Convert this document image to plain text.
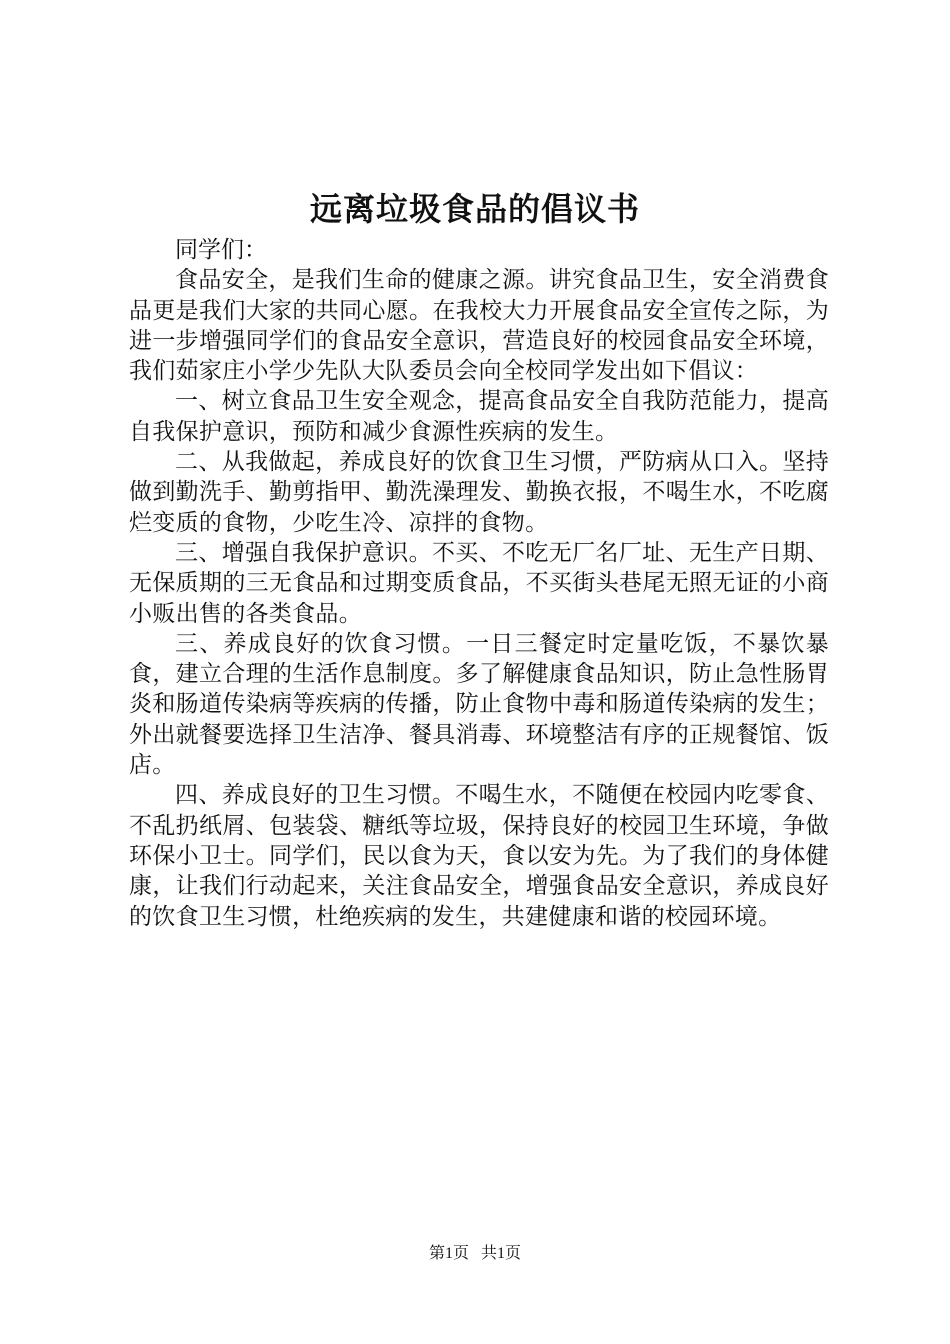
远离垃圾食品的倡议书

同学们：

食品安全，是我们生命的健康之源。讲究食品卫生，安全消费食品更是我们大家的共同心愿。在我校大力开展食品安全宣传之际，为进一步增强同学们的食品安全意识，营造良好的校园食品安全环境，我们茹家庄小学少先队大队委员会向全校同学发出如下倡议：

一、树立食品卫生安全观念，提高食品安全自我防范能力，提高自我保护意识，预防和减少食源性疾病的发生。

二、从我做起，养成良好的饮食卫生习惯，严防病从口入。坚持做到勤洗手、勤剪指甲、勤洗澡理发、勤换衣报，不喝生水，不吃腐烂变质的食物，少吃生冷、凉拌的食物。

三、增强自我保护意识。不买、不吃无厂名厂址、无生产日期、无保质期的三无食品和过期变质食品，不买街头巷尾无照无证的小商小贩出售的各类食品。

三、养成良好的饮食习惯。一日三餐定时定量吃饭，不暴饮暴食，建立合理的生活作息制度。多了解健康食品知识，防止急性肠胃炎和肠道传染病等疾病的传播，防止食物中毒和肠道传染病的发生；外出就餐要选择卫生洁净、餐具消毒、环境整洁有序的正规餐馆、饭店。

四、养成良好的卫生习惯。不喝生水，不随便在校园内吃零食、不乱扔纸屑、包装袋、糖纸等垃圾，保持良好的校园卫生环境，争做环保小卫士。同学们，民以食为天，食以安为先。为了我们的身体健康，让我们行动起来，关注食品安全，增强食品安全意识，养成良好的饮食卫生习惯，杜绝疾病的发生，共建健康和谐的校园环境。

第1页 共1页
